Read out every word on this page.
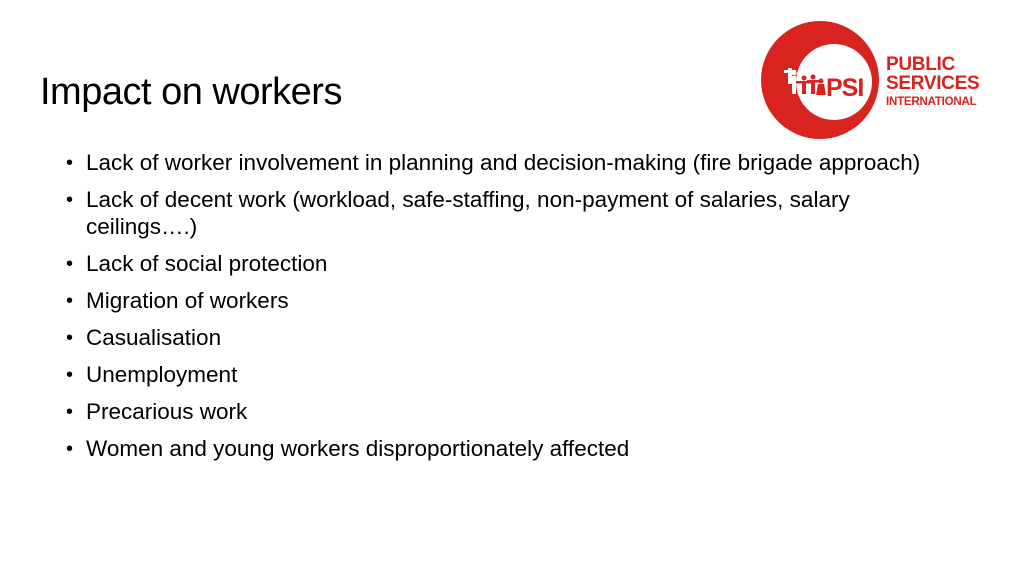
Impact on workers
• Lack of worker involvement in planning and decision-making (fire brigade approach)
• Lack of decent work (workload, safe-staffing, non-payment of salaries, salary ceilings….)
• Lack of social protection
• Migration of workers
• Casualisation
• Unemployment
• Precarious work
• Women and young workers disproportionately affected
PSI
PUBLIC
SERVICES
INTERNATIONAL
